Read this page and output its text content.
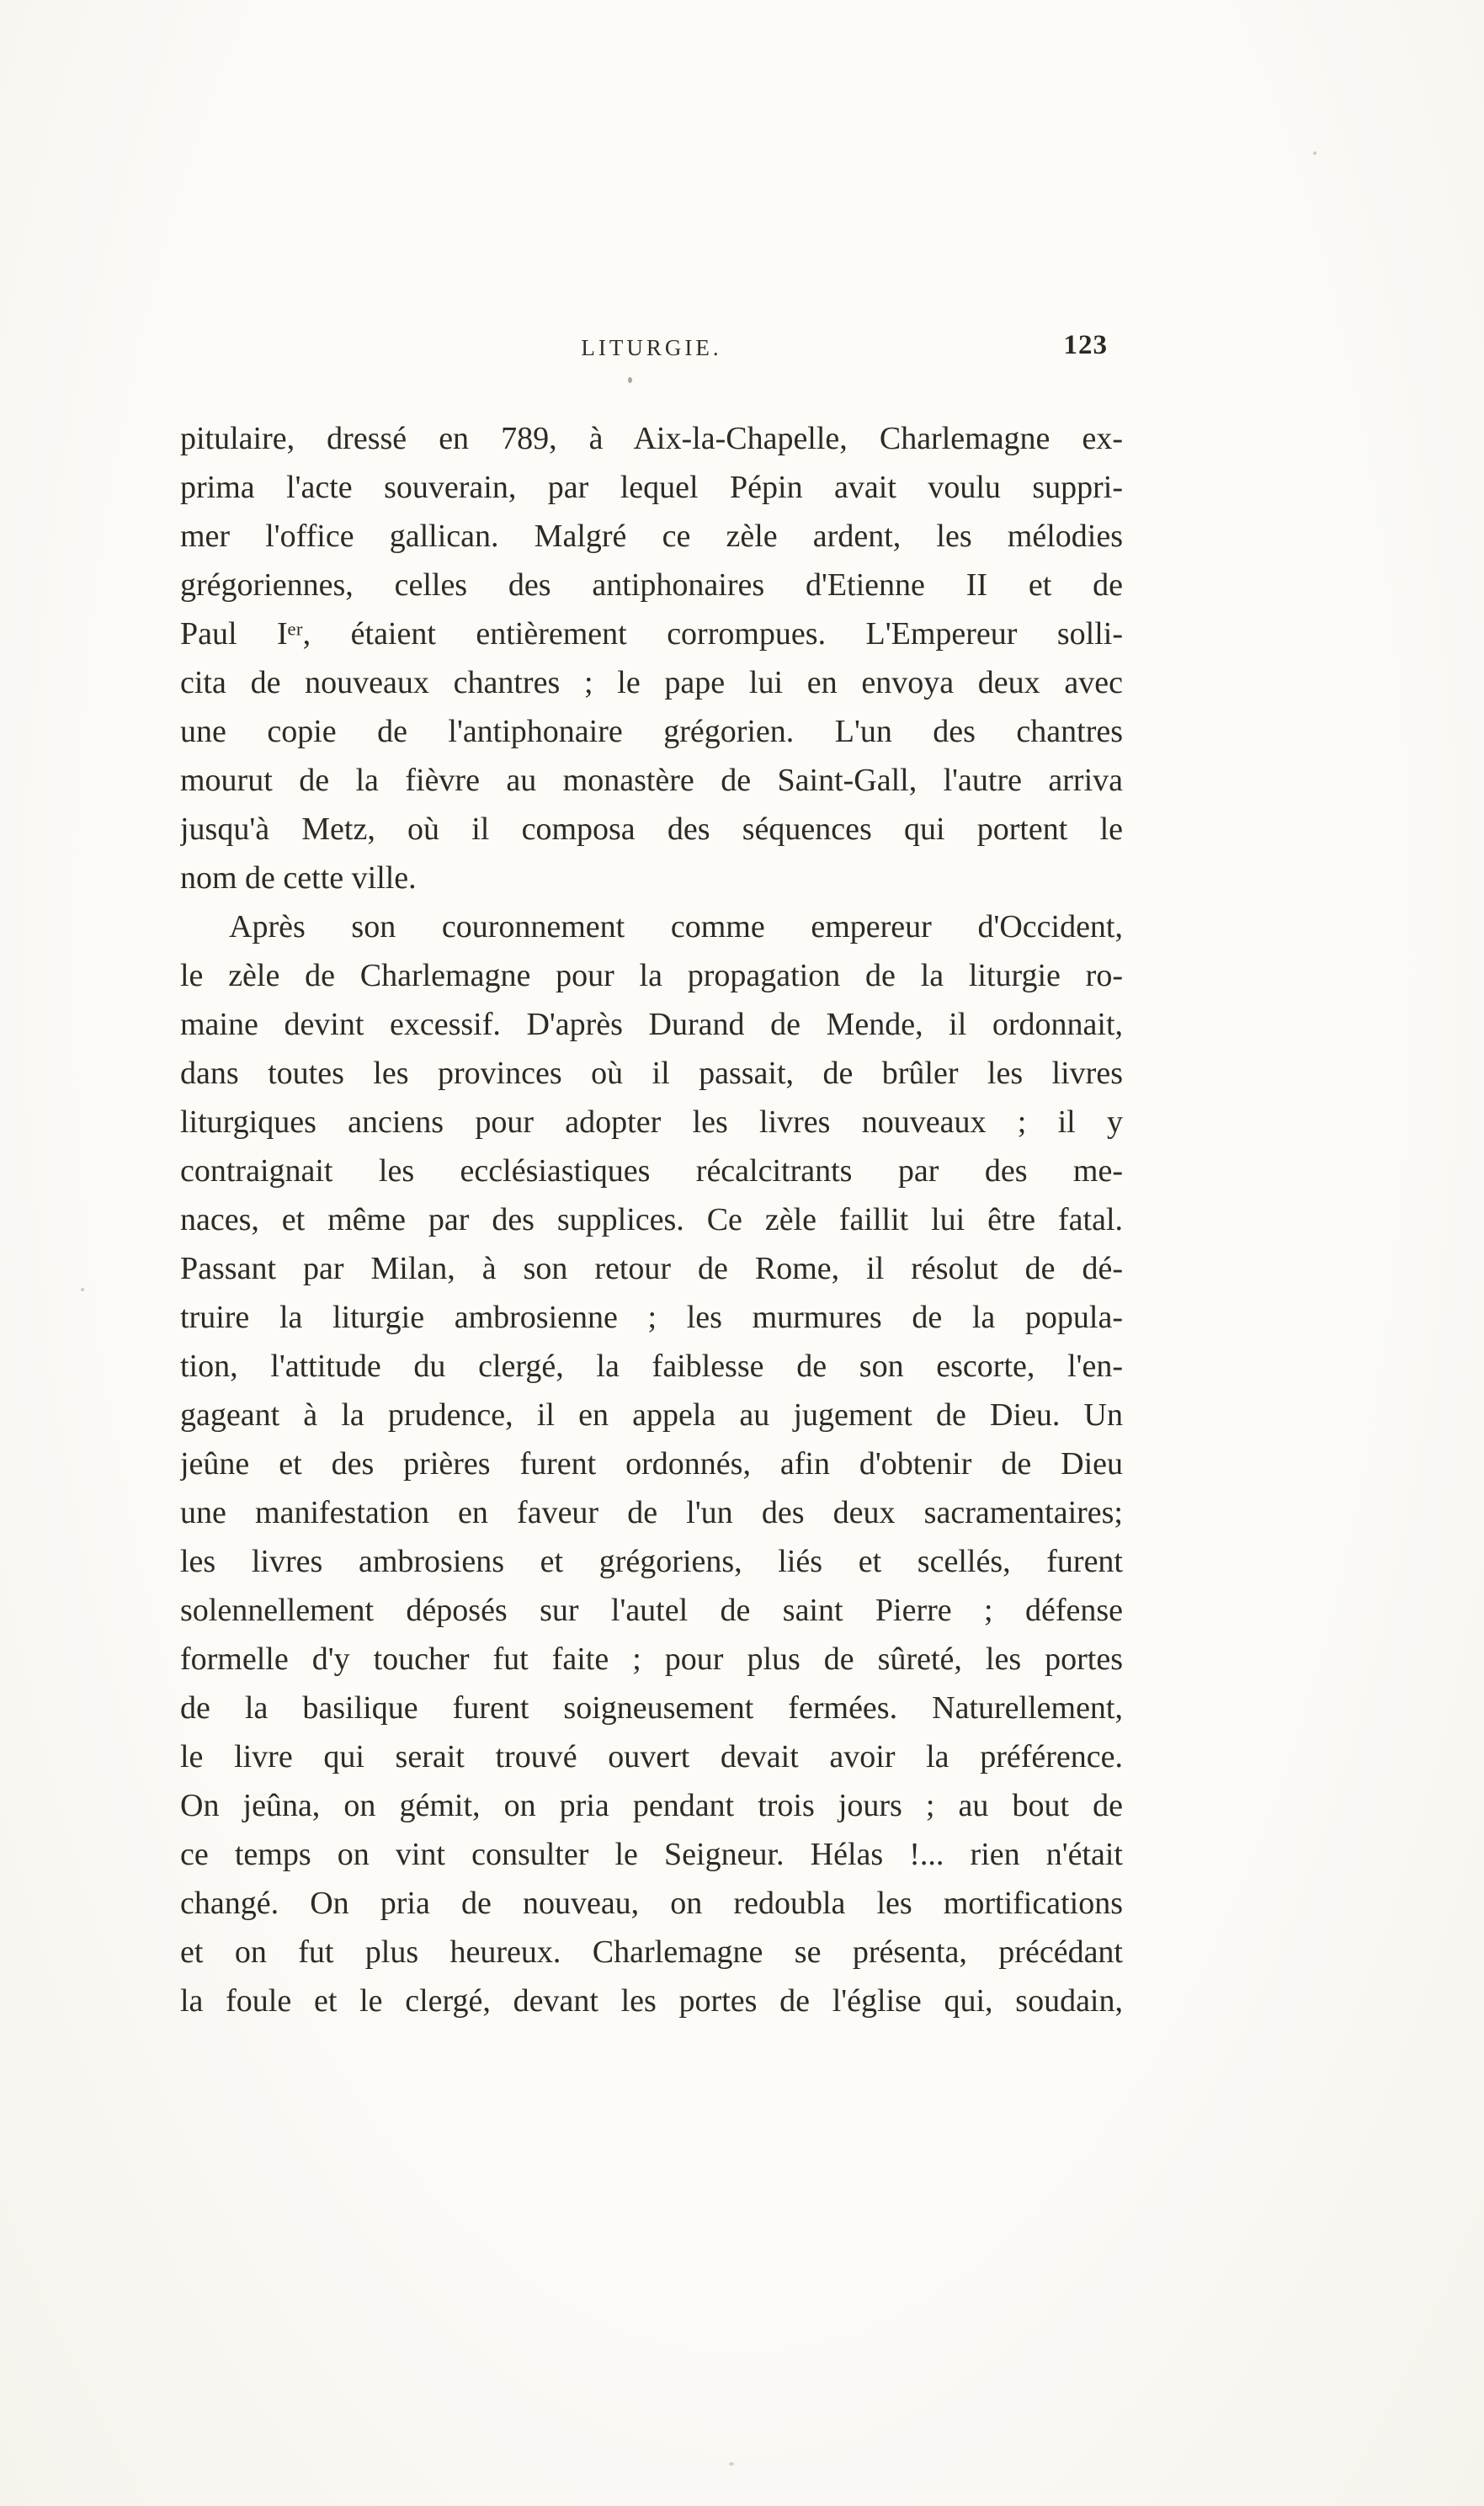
LITURGIE.	123
pitulaire, dressé en 789, à Aix-la-Chapelle, Charlemagne ex-
prima l'acte souverain, par lequel Pépin avait voulu suppri-
mer l'office gallican. Malgré ce zèle ardent, les mélodies
grégoriennes, celles des antiphonaires d'Etienne II et de
Paul Iᵉʳ, étaient entièrement corrompues. L'Empereur solli-
cita de nouveaux chantres ; le pape lui en envoya deux avec
une copie de l'antiphonaire grégorien. L'un des chantres
mourut de la fièvre au monastère de Saint-Gall, l'autre arriva
jusqu'à Metz, où il composa des séquences qui portent le
nom de cette ville.
Après son couronnement comme empereur d'Occident,
le zèle de Charlemagne pour la propagation de la liturgie ro-
maine devint excessif. D'après Durand de Mende, il ordonnait,
dans toutes les provinces où il passait, de brûler les livres
liturgiques anciens pour adopter les livres nouveaux ; il y
contraignait les ecclésiastiques récalcitrants par des me-
naces, et même par des supplices. Ce zèle faillit lui être fatal.
Passant par Milan, à son retour de Rome, il résolut de dé-
truire la liturgie ambrosienne ; les murmures de la popula-
tion, l'attitude du clergé, la faiblesse de son escorte, l'en-
gageant à la prudence, il en appela au jugement de Dieu. Un
jeûne et des prières furent ordonnés, afin d'obtenir de Dieu
une manifestation en faveur de l'un des deux sacramentaires;
les livres ambrosiens et grégoriens, liés et scellés, furent
solennellement déposés sur l'autel de saint Pierre ; défense
formelle d'y toucher fut faite ; pour plus de sûreté, les portes
de la basilique furent soigneusement fermées. Naturellement,
le livre qui serait trouvé ouvert devait avoir la préférence.
On jeûna, on gémit, on pria pendant trois jours ; au bout de
ce temps on vint consulter le Seigneur. Hélas !... rien n'était
changé. On pria de nouveau, on redoubla les mortifications
et on fut plus heureux. Charlemagne se présenta, précédant
la foule et le clergé, devant les portes de l'église qui, soudain,
